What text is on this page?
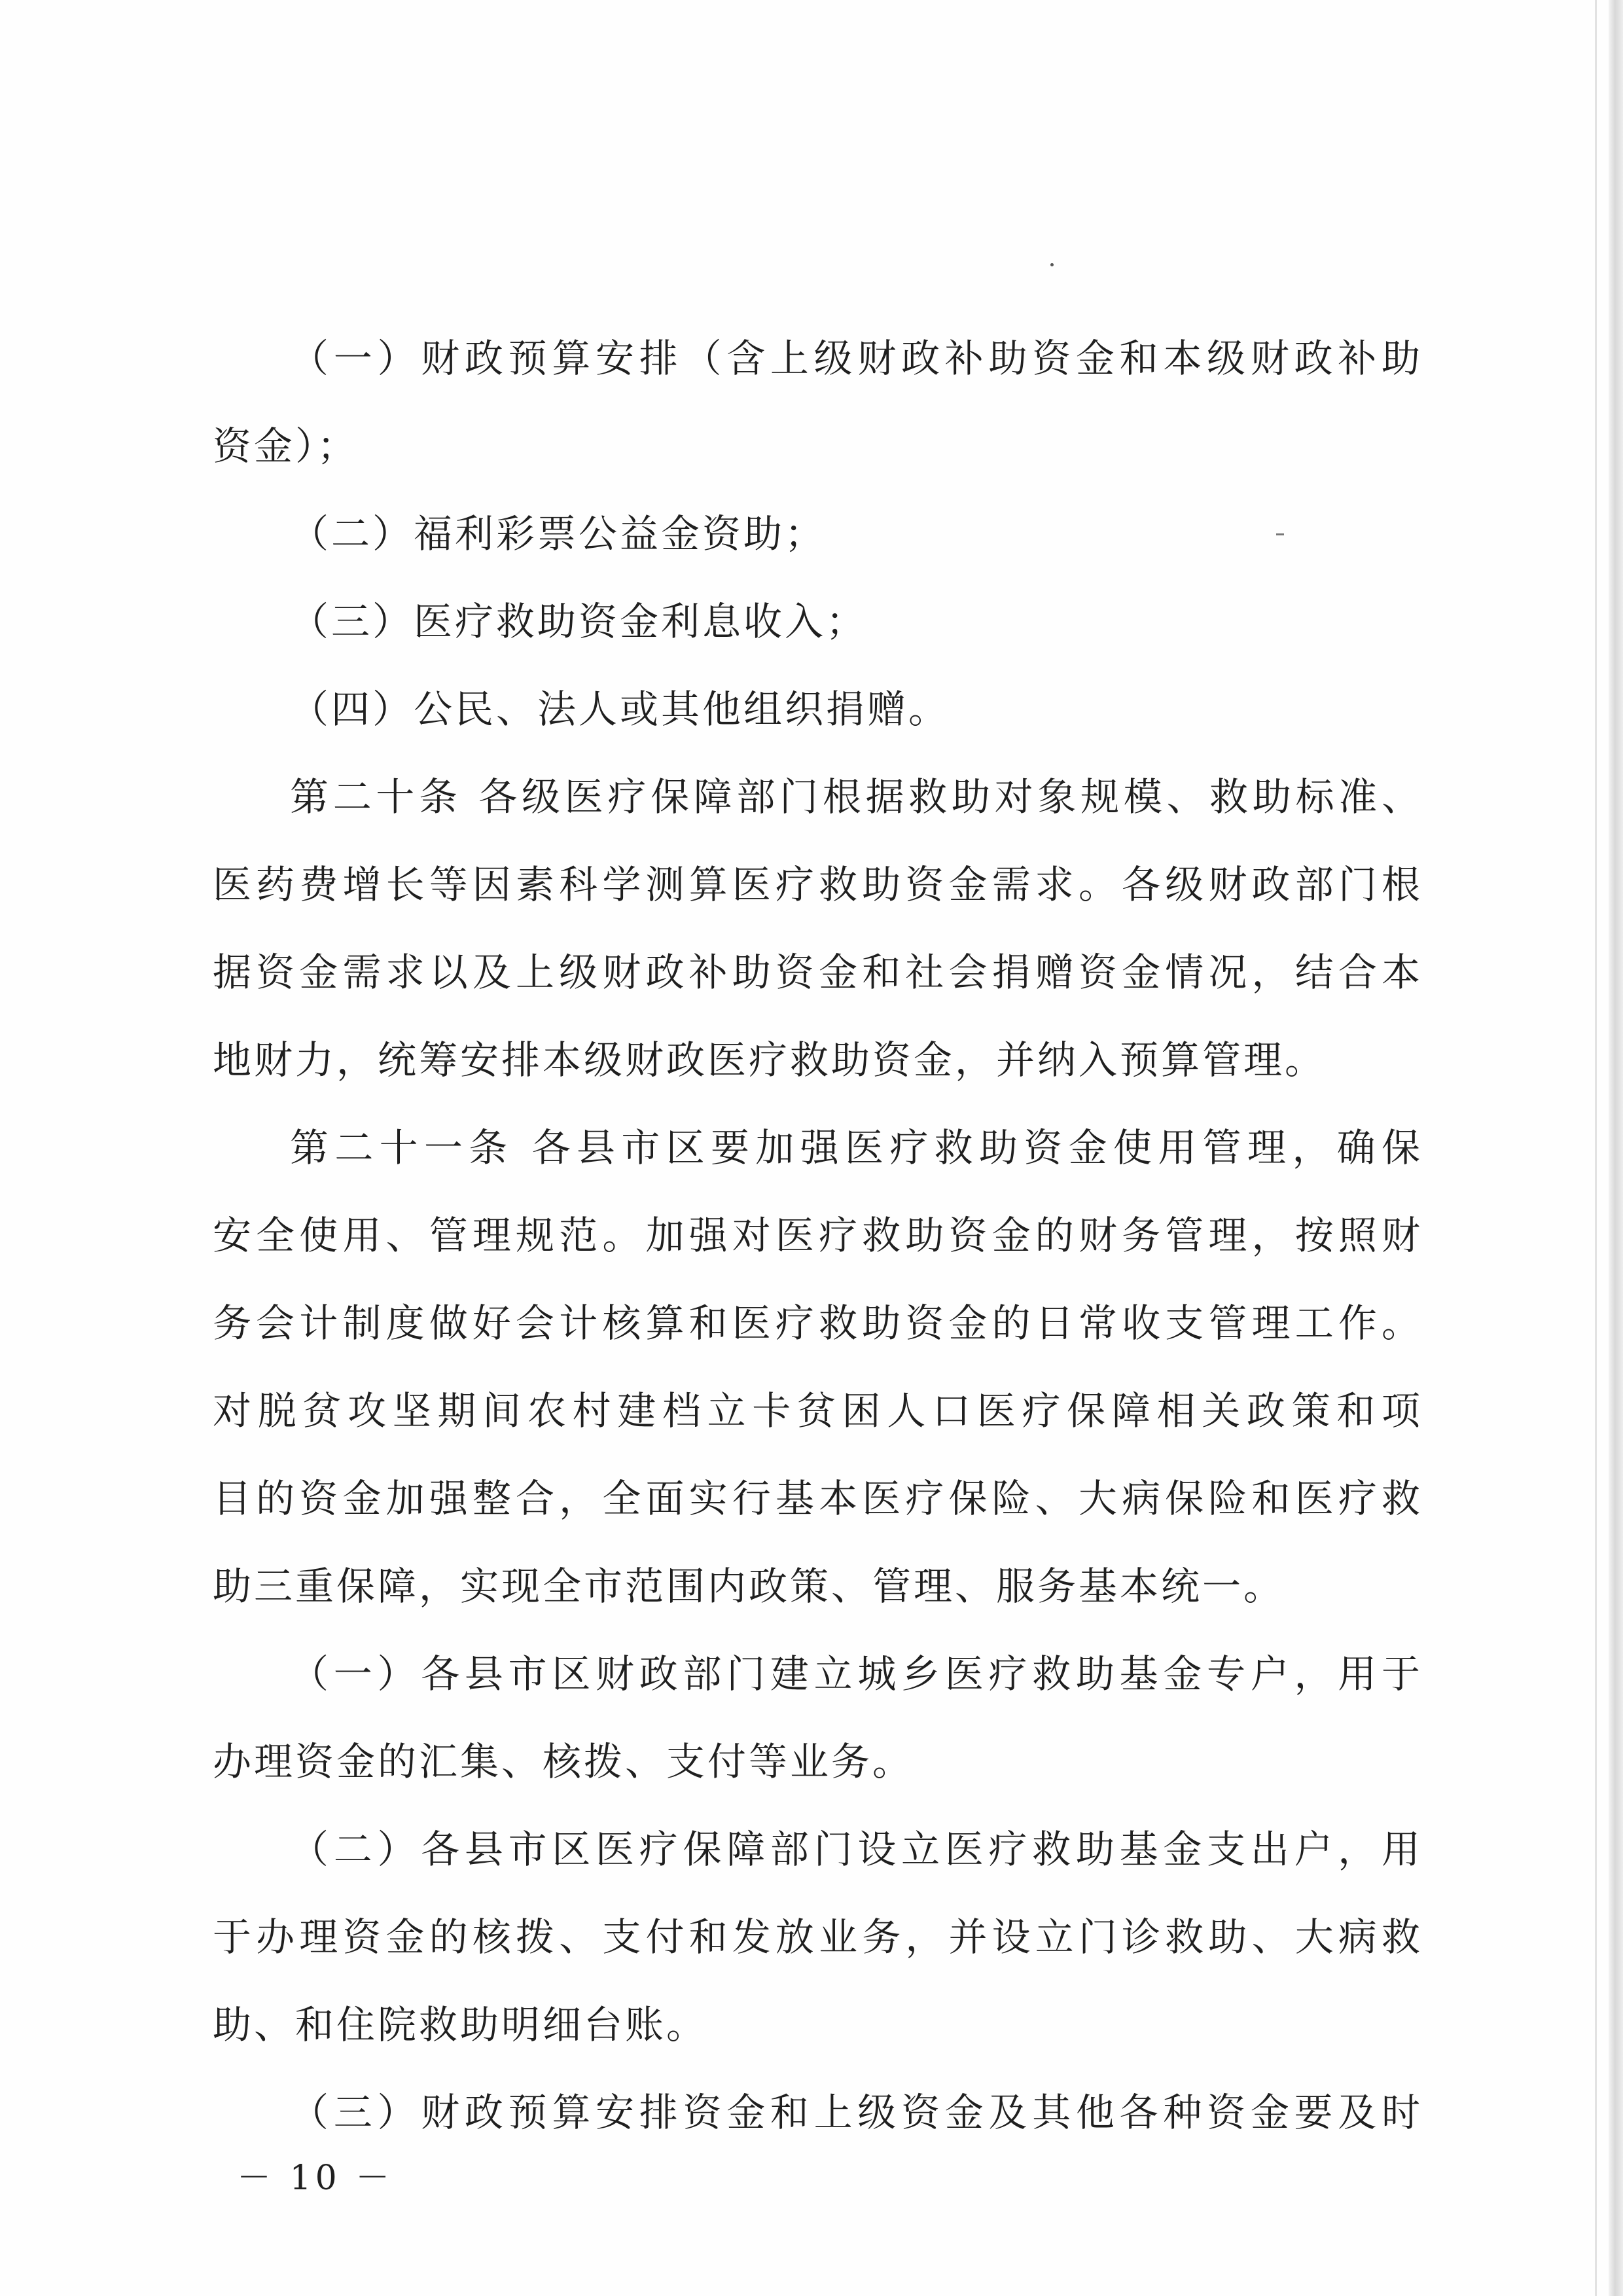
（一）财政预算安排（含上级财政补助资金和本级财政补助
资金）；
（二）福利彩票公益金资助；
（三）医疗救助资金利息收入；
（四）公民、法人或其他组织捐赠。
第二十条 各级医疗保障部门根据救助对象规模、救助标准、
医药费增长等因素科学测算医疗救助资金需求。各级财政部门根
据资金需求以及上级财政补助资金和社会捐赠资金情况，结合本
地财力，统筹安排本级财政医疗救助资金，并纳入预算管理。
第二十一条 各县市区要加强医疗救助资金使用管理，确保
安全使用、管理规范。加强对医疗救助资金的财务管理，按照财
务会计制度做好会计核算和医疗救助资金的日常收支管理工作。
对脱贫攻坚期间农村建档立卡贫困人口医疗保障相关政策和项
目的资金加强整合，全面实行基本医疗保险、大病保险和医疗救
助三重保障，实现全市范围内政策、管理、服务基本统一。
（一）各县市区财政部门建立城乡医疗救助基金专户，用于
办理资金的汇集、核拨、支付等业务。
（二）各县市区医疗保障部门设立医疗救助基金支出户，用
于办理资金的核拨、支付和发放业务，并设立门诊救助、大病救
助、和住院救助明细台账。
（三）财政预算安排资金和上级资金及其他各种资金要及时
－ 10 －
